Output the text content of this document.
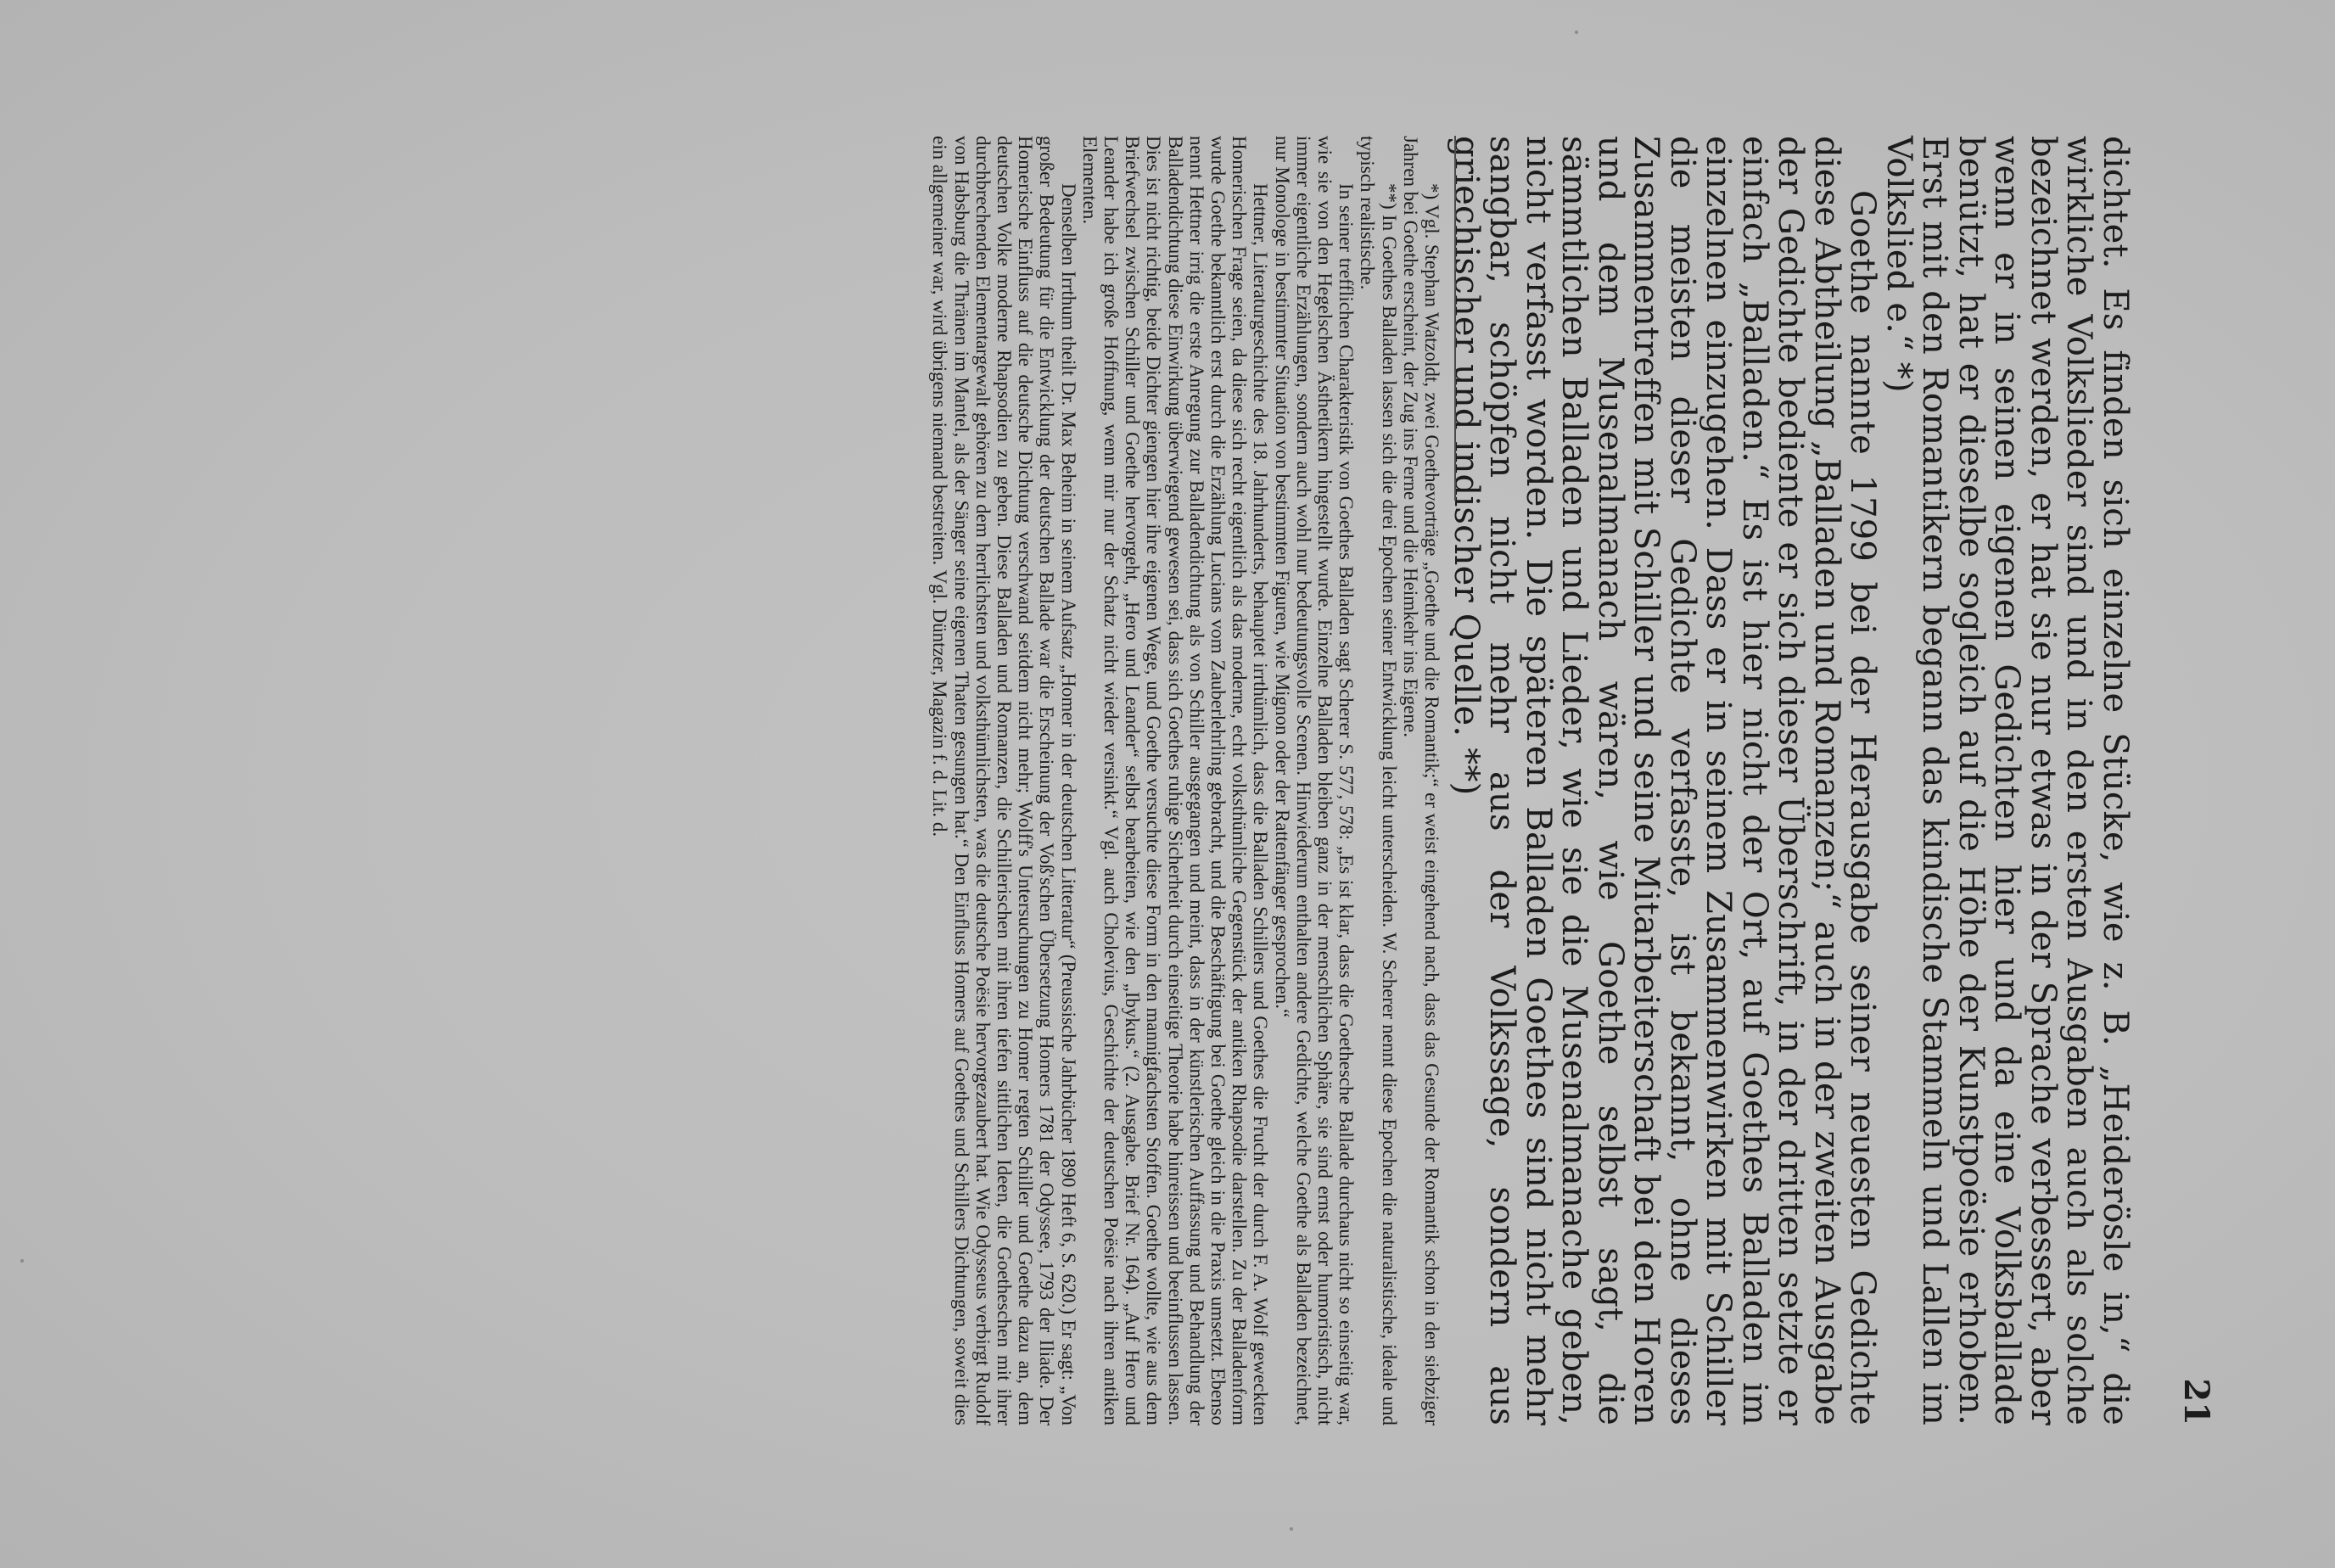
21

dichtet. Es finden sich einzelne Stücke, wie z. B. „Heiderösle in,“ die wirkliche Volkslieder sind und in den ersten Ausgaben auch als solche bezeichnet werden, er hat sie nur etwas in der Sprache verbessert, aber wenn er in seinen eigenen Gedichten hier und da eine Volksballade benützt, hat er dieselbe sogleich auf die Höhe der Kunstpoësie erhoben. Erst mit den Romantikern begann das kindische Stammeln und Lallen im Volkslied e.“ *)

Goethe nannte 1799 bei der Herausgabe seiner neuesten Gedichte diese Abtheilung „Balladen und Romanzen;“ auch in der zweiten Ausgabe der Gedichte bediente er sich dieser Überschrift, in der dritten setzte er einfach „Balladen.“ Es ist hier nicht der Ort, auf Goethes Balladen im einzelnen einzugehen. Dass er in seinem Zusammenwirken mit Schiller die meisten dieser Gedichte verfasste, ist bekannt, ohne dieses Zusammentreffen mit Schiller und seine Mitarbeiterschaft bei den Horen und dem Musenalmanach wären, wie Goethe selbst sagt, die sämmtlichen Balladen und Lieder, wie sie die Musenalmanache geben, nicht verfasst worden. Die späteren Balladen Goethes sind nicht mehr sangbar, schöpfen nicht mehr aus der Volkssage, sondern aus griechischer und indischer Quelle. **)

*) Vgl. Stephan Watzoldt, zwei Goethevorträge „Goethe und die Romantik;“ er weist eingehend nach, dass das Gesunde der Romantik schon in den siebziger Jahren bei Goethe erscheint, der Zug ins Ferne und die Heimkehr ins Eigene.

**) In Goethes Balladen lassen sich die drei Epochen seiner Entwicklung leicht unterscheiden. W. Scherer nennt diese Epochen die naturalistische, ideale und typisch realistische.

In seiner trefflichen Charakteristik von Goethes Balladen sagt Scherer S. 577, 578: „Es ist klar, dass die Goethesche Ballade durchaus nicht so einseitig war, wie sie von den Hegelschen Ästhetikern hingestellt wurde. Einzelne Balladen bleiben ganz in der menschlichen Sphäre, sie sind ernst oder humoristisch, nicht immer eigentliche Erzählungen, sondern auch wohl nur bedeutungsvolle Scenen. Hinwiederum enthalten andere Gedichte, welche Goethe als Balladen bezeichnet, nur Monologe in bestimmter Situation von bestimmten Figuren, wie Mignon oder der Rattenfänger gesprochen.“

Hettner, Literaturgeschichte des 18. Jahrhunderts, behauptet irrthümlich, dass die Balladen Schillers und Goethes die Frucht der durch F. A. Wolf geweckten Homerischen Frage seien, da diese sich recht eigentlich als das moderne, echt volksthümliche Gegenstück der antiken Rhapsodie darstellen. Zu der Balladenform wurde Goethe bekanntlich erst durch die Erzählung Lucians vom Zauberlehrling gebracht, und die Beschäftigung bei Goethe gleich in die Praxis umsetzt. Ebenso nennt Hettner irrig die erste Anregung zur Balladendichtung als von Schiller ausgegangen und meint, dass in der künstlerischen Auffassung und Behandlung der Balladendichtung diese Einwirkung überwiegend gewesen sei, dass sich Goethes ruhige Sicherheit durch einseitige Theorie habe hinreissen und beeinflussen lassen. Dies ist nicht richtig, beide Dichter giengen hier ihre eigenen Wege, und Goethe versuchte diese Form in den mannigfachsten Stoffen. Goethe wollte, wie aus dem Briefwechsel zwischen Schiller und Goethe hervorgeht, „Hero und Leander“ selbst bearbeiten, wie den „Ibykus.“ (2. Ausgabe. Brief Nr. 164). „Auf Hero und Leander habe ich große Hoffnung, wenn mir nur der Schatz nicht wieder versinkt.“ Vgl. auch Cholevius, Geschichte der deutschen Poësie nach ihren antiken Elementen.

Denselben Irrthum theilt Dr. Max Beheim in seinem Aufsatz „Homer in der deutschen Litteratur“ (Preussische Jahrbücher 1890 Heft 6, S. 620.) Er sagt: „Von großer Bedeutung für die Entwicklung der deutschen Ballade war die Erscheinung der Voß'schen Übersetzung Homers 1781 der Odyssee, 1793 der Iliade. Der Homerische Einfluss auf die deutsche Dichtung verschwand seitdem nicht mehr; Wolff's Untersuchungen zu Homer regten Schiller und Goethe dazu an, dem deutschen Volke moderne Rhapsodien zu geben. Diese Balladen und Romanzen, die Schillerischen mit ihren tiefen sittlichen Ideen, die Goetheschen mit ihrer durchbrechenden Elementargewalt gehören zu dem herrlichsten und volksthümlichsten, was die deutsche Poësie hervorgezaubert hat. Wie Odysseus verbirgt Rudolf von Habsburg die Thränen im Mantel, als der Sänger seine eigenen Thaten gesungen hat.“ Den Einfluss Homers auf Goethes und Schillers Dichtungen, soweit dies ein allgemeiner war, wird übrigens niemand bestreiten. Vgl. Düntzer, Magazin f. d. Lit. d.
